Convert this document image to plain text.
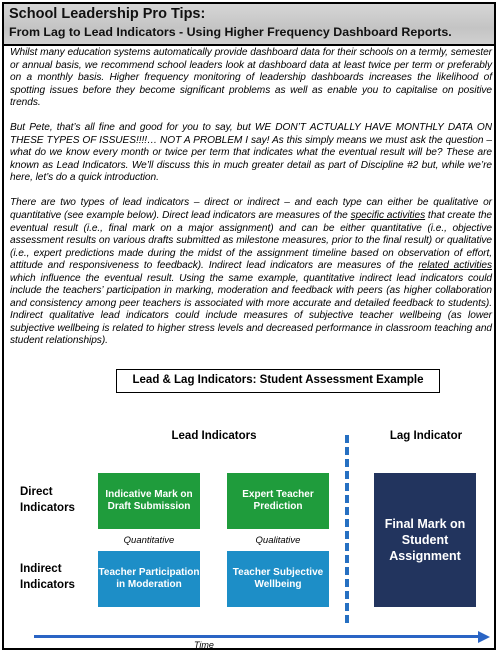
School Leadership Pro Tips:
From Lag to Lead Indicators - Using Higher Frequency Dashboard Reports.

Whilst many education systems automatically provide dashboard data for their schools on a termly, semester or annual basis, we recommend school leaders look at dashboard data at least twice per term or preferably on a monthly basis. Higher frequency monitoring of leadership dashboards increases the likelihood of spotting issues before they become significant problems as well as enable you to capitalise on positive trends.

But Pete, that’s all fine and good for you to say, but WE DON’T ACTUALLY HAVE MONTHLY DATA ON THESE TYPES OF ISSUES!!!!… NOT A PROBLEM I say! As this simply means we must ask the question – what do we know every month or twice per term that indicates what the eventual result will be? These are known as Lead Indicators. We’ll discuss this in much greater detail as part of Discipline #2 but, while we’re here, let’s do a quick introduction.

There are two types of lead indicators – direct or indirect – and each type can either be qualitative or quantitative (see example below). Direct lead indicators are measures of the specific activities that create the eventual result (i.e., final mark on a major assignment) and can be either quantitative (i.e., objective assessment results on various drafts submitted as milestone measures, prior to the final result) or qualitative (i.e., expert predictions made during the midst of the assignment timeline based on observation of effort, attitude and responsiveness to feedback). Indirect lead indicators are measures of the related activities which influence the eventual result. Using the same example, quantitative indirect lead indicators could include the teachers’ participation in marking, moderation and feedback with peers (as higher collaboration and consistency among peer teachers is associated with more accurate and detailed feedback to students). Indirect qualitative lead indicators could include measures of subjective teacher wellbeing (as lower subjective wellbeing is related to higher stress levels and decreased performance in classroom teaching and student relationships).

Lead & Lag Indicators: Student Assessment Example
Lead Indicators	Lag Indicator
Direct Indicators
Indirect Indicators
Indicative Mark on Draft Submission
Expert Teacher Prediction
Quantitative	Qualitative
Teacher Participation in Moderation
Teacher Subjective Wellbeing
Final Mark on Student Assignment
Time
